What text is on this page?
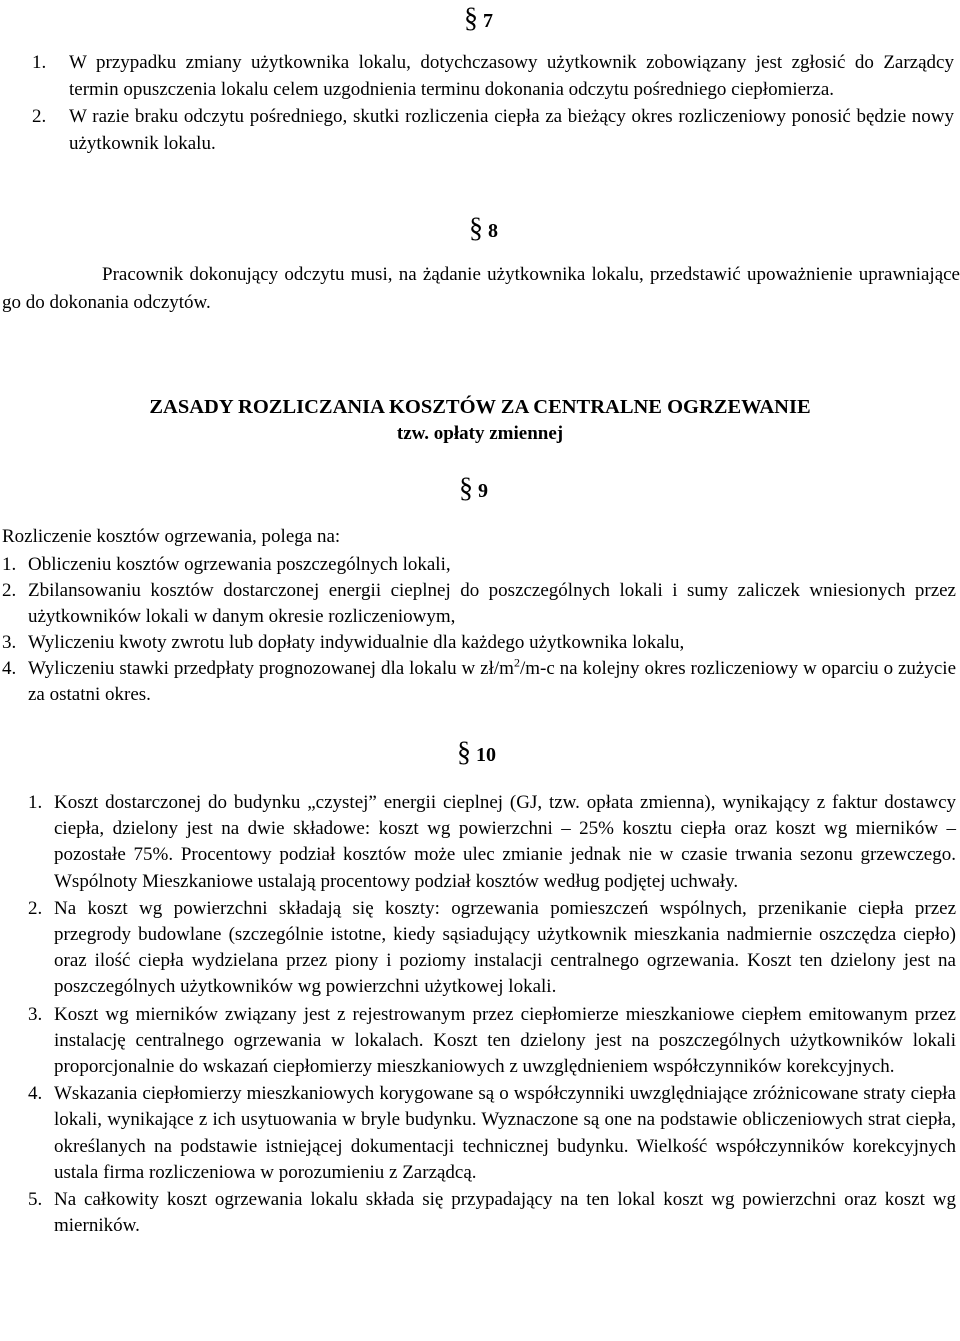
§ 7
1. W przypadku zmiany użytkownika lokalu, dotychczasowy użytkownik zobowiązany jest zgłosić do Zarządcy termin opuszczenia lokalu celem uzgodnienia terminu dokonania odczytu pośredniego ciepłomierza.
2. W razie braku odczytu pośredniego, skutki rozliczenia ciepła za bieżący okres rozliczeniowy ponosić będzie nowy użytkownik lokalu.
§ 8

Pracownik dokonujący odczytu musi, na żądanie użytkownika lokalu, przedstawić upoważnienie uprawniające go do dokonania odczytów.

ZASADY ROZLICZANIA KOSZTÓW ZA CENTRALNE OGRZEWANIE

tzw. opłaty zmiennej

§ 9

Rozliczenie kosztów ogrzewania, polega na:

1. Obliczeniu kosztów ogrzewania poszczególnych lokali,
2. Zbilansowaniu kosztów dostarczonej energii cieplnej do poszczególnych lokali i sumy zaliczek wniesionych przez użytkowników lokali w danym okresie rozliczeniowym,
3. Wyliczeniu kwoty zwrotu lub dopłaty indywidualnie dla każdego użytkownika lokalu,
4. Wyliczeniu stawki przedpłaty prognozowanej dla lokalu w $zł/m^2/m-c$ na kolejny okres rozliczeniowy w oparciu o zużycie za ostatni okres.
§ 10
1. Koszt dostarczonej do budynku „czystej” energii cieplnej (GJ, tzw. opłata zmienna), wynikający z faktur dostawcy ciepła, dzielony jest na dwie składowe: koszt wg powierzchni – 25% kosztu ciepła oraz koszt wg mierników – pozostałe 75%. Procentowy podział kosztów może ulec zmianie jednak nie w czasie trwania sezonu grzewczego. Wspólnoty Mieszkaniowe ustalają procentowy podział kosztów według podjętej uchwały.
2. Na koszt wg powierzchni składają się koszty: ogrzewania pomieszczeń wspólnych, przenikanie ciepła przez przegrody budowlane (szczególnie istotne, kiedy sąsiadujący użytkownik mieszkania nadmiernie oszczędza ciepło) oraz ilość ciepła wydzielana przez piony i poziomy instalacji centralnego ogrzewania. Koszt ten dzielony jest na poszczególnych użytkowników wg powierzchni użytkowej lokali.
3. Koszt wg mierników związany jest z rejestrowanym przez ciepłomierze mieszkaniowe ciepłem emitowanym przez instalację centralnego ogrzewania w lokalach. Koszt ten dzielony jest na poszczególnych użytkowników lokali proporcjonalnie do wskazań ciepłomierzy mieszkaniowych z uwzględnieniem współczynników korekcyjnych.
4. Wskazania ciepłomierzy mieszkaniowych korygowane są o współczynniki uwzględniające zróżnicowane straty ciepła lokali, wynikające z ich usytuowania w bryle budynku. Wyznaczone są one na podstawie obliczeniowych strat ciepła, określanych na podstawie istniejącej dokumentacji technicznej budynku. Wielkość współczynników korekcyjnych ustala firma rozliczeniowa w porozumieniu z Zarządcą.
5. Na całkowity koszt ogrzewania lokalu składa się przypadający na ten lokal koszt wg powierzchni oraz koszt wg mierników.
